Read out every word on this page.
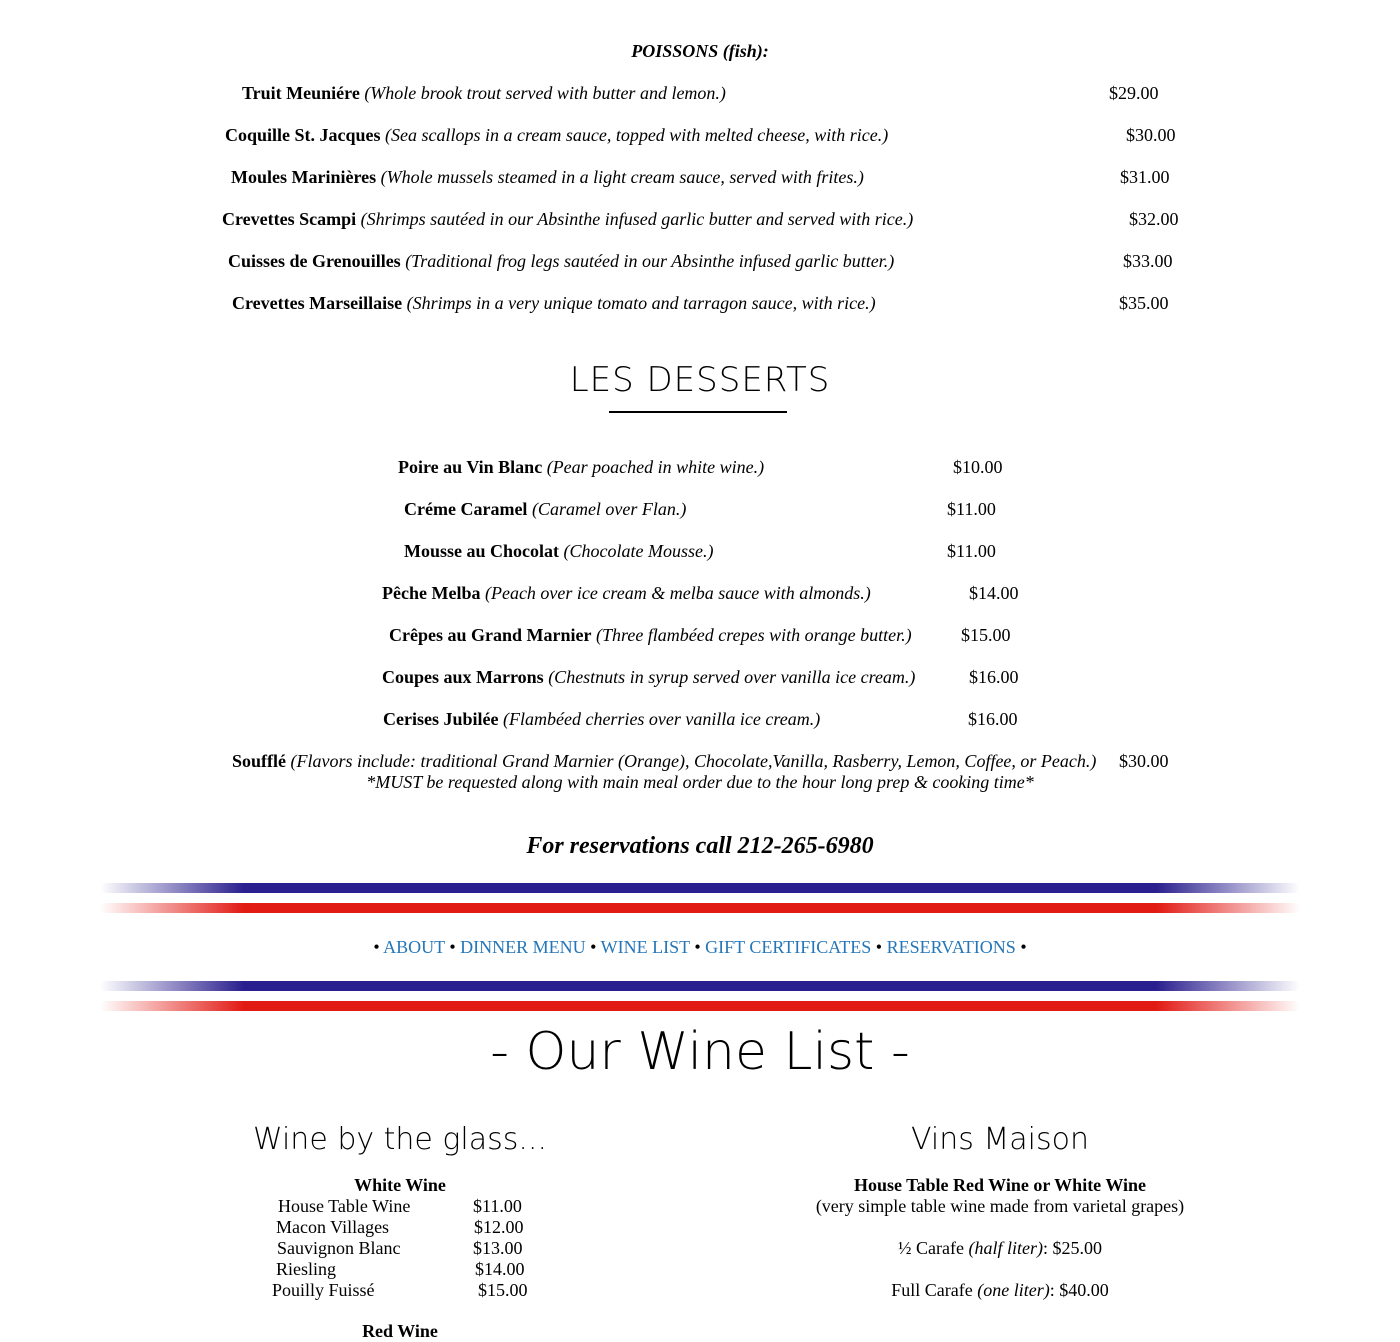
POISSONS (fish):
Truit Meuniére (Whole brook trout served with butter and lemon.)	$29.00
Coquille St. Jacques (Sea scallops in a cream sauce, topped with melted cheese, with rice.)	$30.00
Moules Marinières (Whole mussels steamed in a light cream sauce, served with frites.)	$31.00
Crevettes Scampi (Shrimps sautéed in our Absinthe infused garlic butter and served with rice.)	$32.00
Cuisses de Grenouilles (Traditional frog legs sautéed in our Absinthe infused garlic butter.)	$33.00
Crevettes Marseillaise (Shrimps in a very unique tomato and tarragon sauce, with rice.)	$35.00
LES DESSERTS
Poire au Vin Blanc (Pear poached in white wine.)	$10.00
Créme Caramel (Caramel over Flan.)	$11.00
Mousse au Chocolat (Chocolate Mousse.)	$11.00
Pêche Melba (Peach over ice cream & melba sauce with almonds.)	$14.00
Crêpes au Grand Marnier (Three flambéed crepes with orange butter.)	$15.00
Coupes aux Marrons (Chestnuts in syrup served over vanilla ice cream.)	$16.00
Cerises Jubilée (Flambéed cherries over vanilla ice cream.)	$16.00
Soufflé (Flavors include: traditional Grand Marnier (Orange), Chocolate,Vanilla, Rasberry, Lemon, Coffee, or Peach.) $30.00
*MUST be requested along with main meal order due to the hour long prep & cooking time*
For reservations call 212-265-6980
• ABOUT • DINNER MENU • WINE LIST • GIFT CERTIFICATES • RESERVATIONS •
- Our Wine List -
Wine by the glass...
White Wine
House Table Wine	$11.00
Macon Villages	$12.00
Sauvignon Blanc	$13.00
Riesling	$14.00
Pouilly Fuissé	$15.00
Red Wine
Vins Maison
House Table Red Wine or White Wine
(very simple table wine made from varietal grapes)
½ Carafe (half liter): $25.00
Full Carafe (one liter): $40.00
